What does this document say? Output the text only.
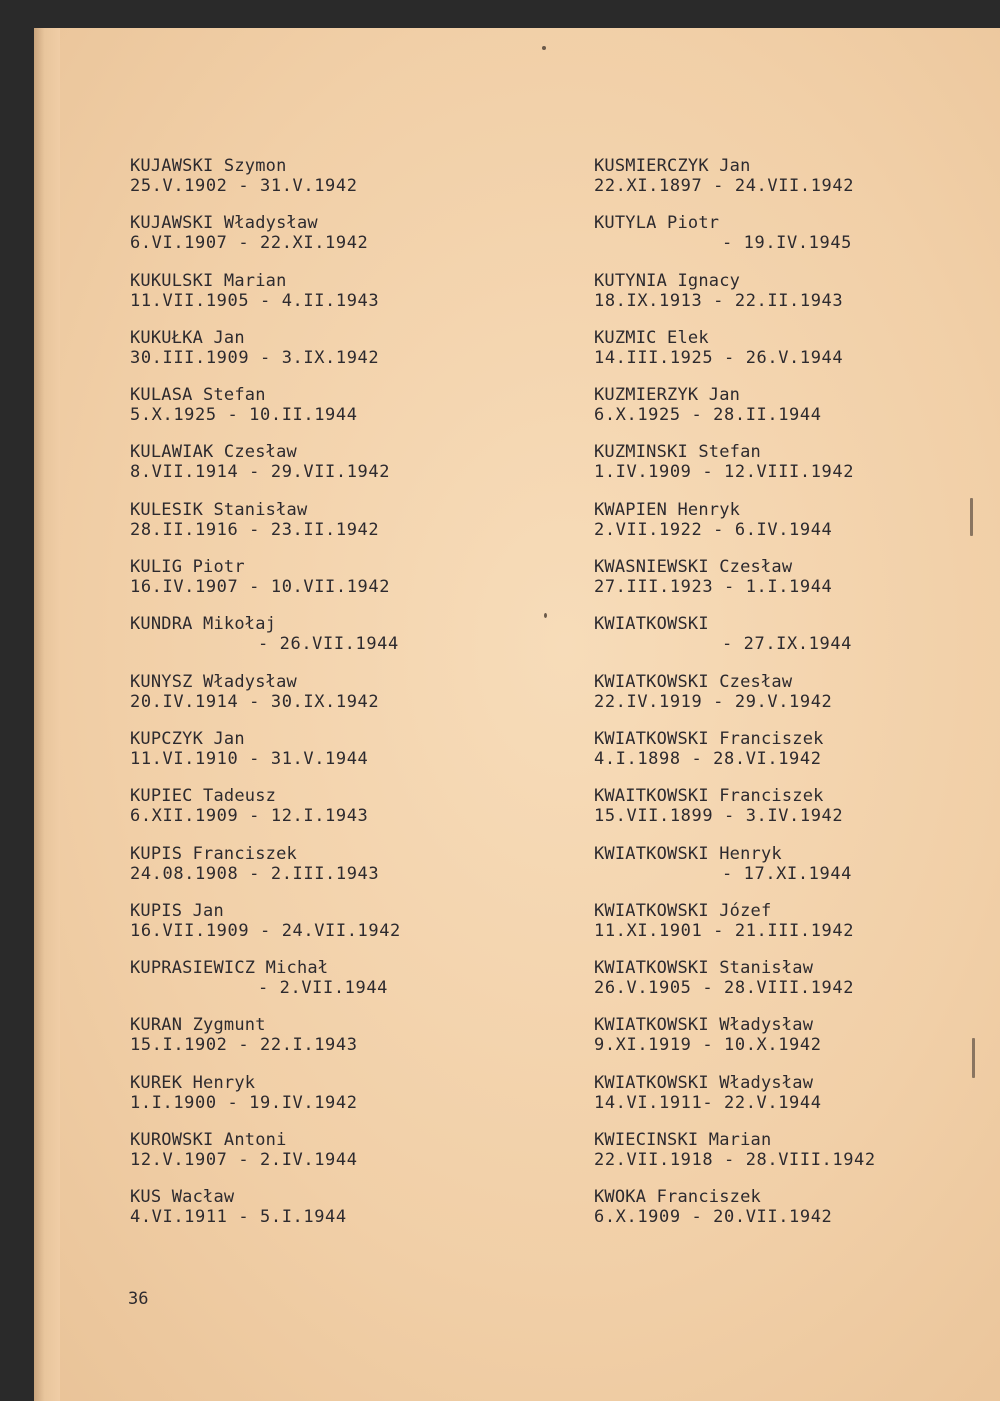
KUJAWSKI Szymon
25.V.1902 - 31.V.1942
KUJAWSKI Władysław
6.VI.1907 - 22.XI.1942
KUKULSKI Marian
11.VII.1905 - 4.II.1943
KUKUŁKA Jan
30.III.1909 - 3.IX.1942
KULASA Stefan
5.X.1925 - 10.II.1944
KULAWIAK Czesław
8.VII.1914 - 29.VII.1942
KULESIK Stanisław
28.II.1916 - 23.II.1942
KULIG Piotr
16.IV.1907 - 10.VII.1942
KUNDRA Mikołaj
- 26.VII.1944
KUNYSZ Władysław
20.IV.1914 - 30.IX.1942
KUPCZYK Jan
11.VI.1910 - 31.V.1944
KUPIEC Tadeusz
6.XII.1909 - 12.I.1943
KUPIS Franciszek
24.08.1908 - 2.III.1943
KUPIS Jan
16.VII.1909 - 24.VII.1942
KUPRASIEWICZ Michał
- 2.VII.1944
KURAN Zygmunt
15.I.1902 - 22.I.1943
KUREK Henryk
1.I.1900 - 19.IV.1942
KUROWSKI Antoni
12.V.1907 - 2.IV.1944
KUS Wacław
4.VI.1911 - 5.I.1944
KUSMIERCZYK Jan
22.XI.1897 - 24.VII.1942
KUTYLA Piotr
- 19.IV.1945
KUTYNIA Ignacy
18.IX.1913 - 22.II.1943
KUZMIC Elek
14.III.1925 - 26.V.1944
KUZMIERZYK Jan
6.X.1925 - 28.II.1944
KUZMINSKI Stefan
1.IV.1909 - 12.VIII.1942
KWAPIEN Henryk
2.VII.1922 - 6.IV.1944
KWASNIEWSKI Czesław
27.III.1923 - 1.I.1944
KWIATKOWSKI
- 27.IX.1944
KWIATKOWSKI Czesław
22.IV.1919 - 29.V.1942
KWIATKOWSKI Franciszek
4.I.1898 - 28.VI.1942
KWAITKOWSKI Franciszek
15.VII.1899 - 3.IV.1942
KWIATKOWSKI Henryk
- 17.XI.1944
KWIATKOWSKI Józef
11.XI.1901 - 21.III.1942
KWIATKOWSKI Stanisław
26.V.1905 - 28.VIII.1942
KWIATKOWSKI Władysław
9.XI.1919 - 10.X.1942
KWIATKOWSKI Władysław
14.VI.1911- 22.V.1944
KWIECINSKI Marian
22.VII.1918 - 28.VIII.1942
KWOKA Franciszek
6.X.1909 - 20.VII.1942
36
